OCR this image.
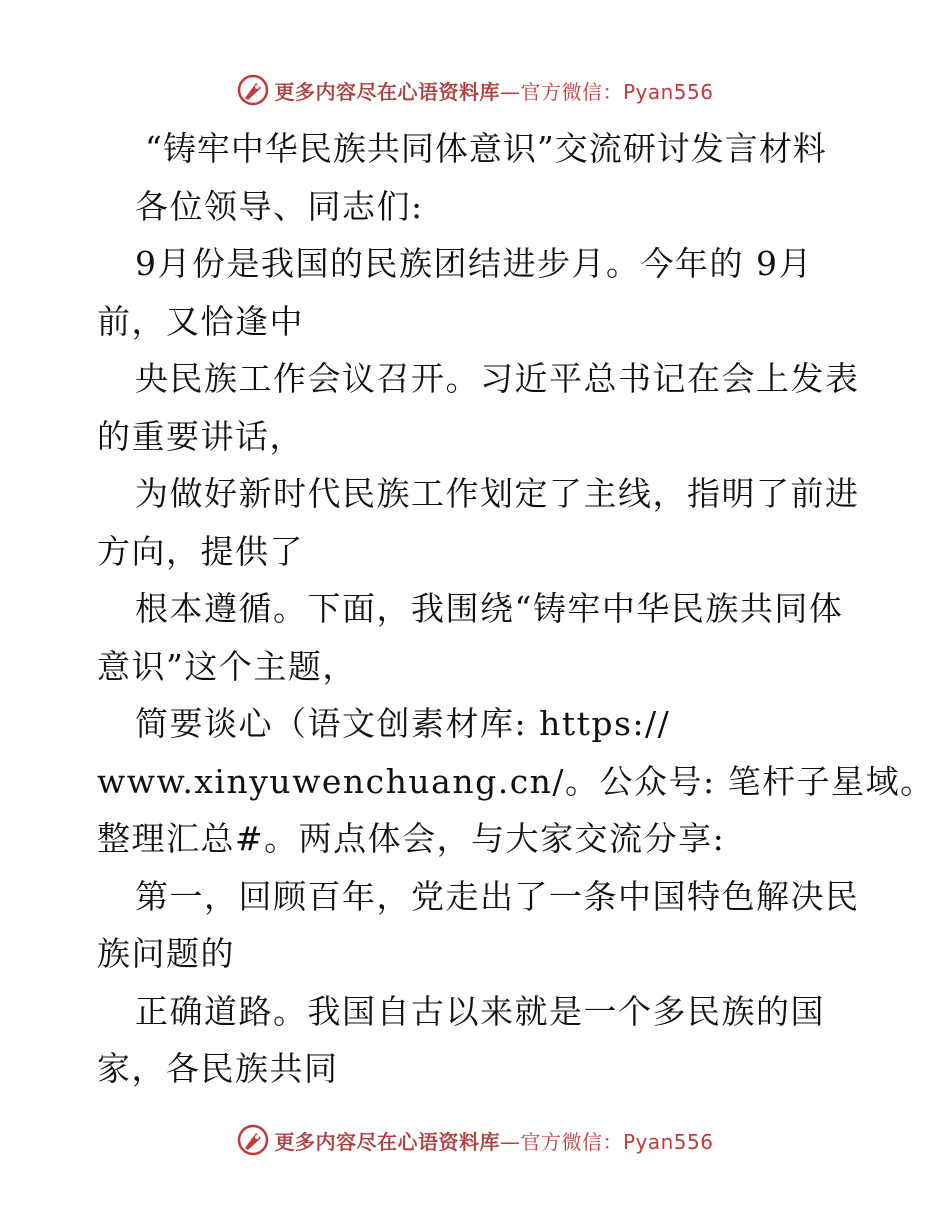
更多内容尽在心语资料库—官方微信：Pyan556
“铸牢中华民族共同体意识”交流研讨发言材料
各位领导、同志们:
9月份是我国的民族团结进步月。今年的 9月
前，又恰逢中
央民族工作会议召开。习近平总书记在会上发表
的重要讲话，
为做好新时代民族工作划定了主线，指明了前进
方向，提供了
根本遵循。下面，我围绕“铸牢中华民族共同体
意识”这个主题，
简要谈心（语文创素材库: https://
www.xinyuwenchuang.cn/。公众号: 笔杆子星域。
整理汇总#。两点体会，与大家交流分享:
第一，回顾百年，党走出了一条中国特色解决民
族问题的
正确道路。我国自古以来就是一个多民族的国
家，各民族共同
更多内容尽在心语资料库—官方微信：Pyan556
